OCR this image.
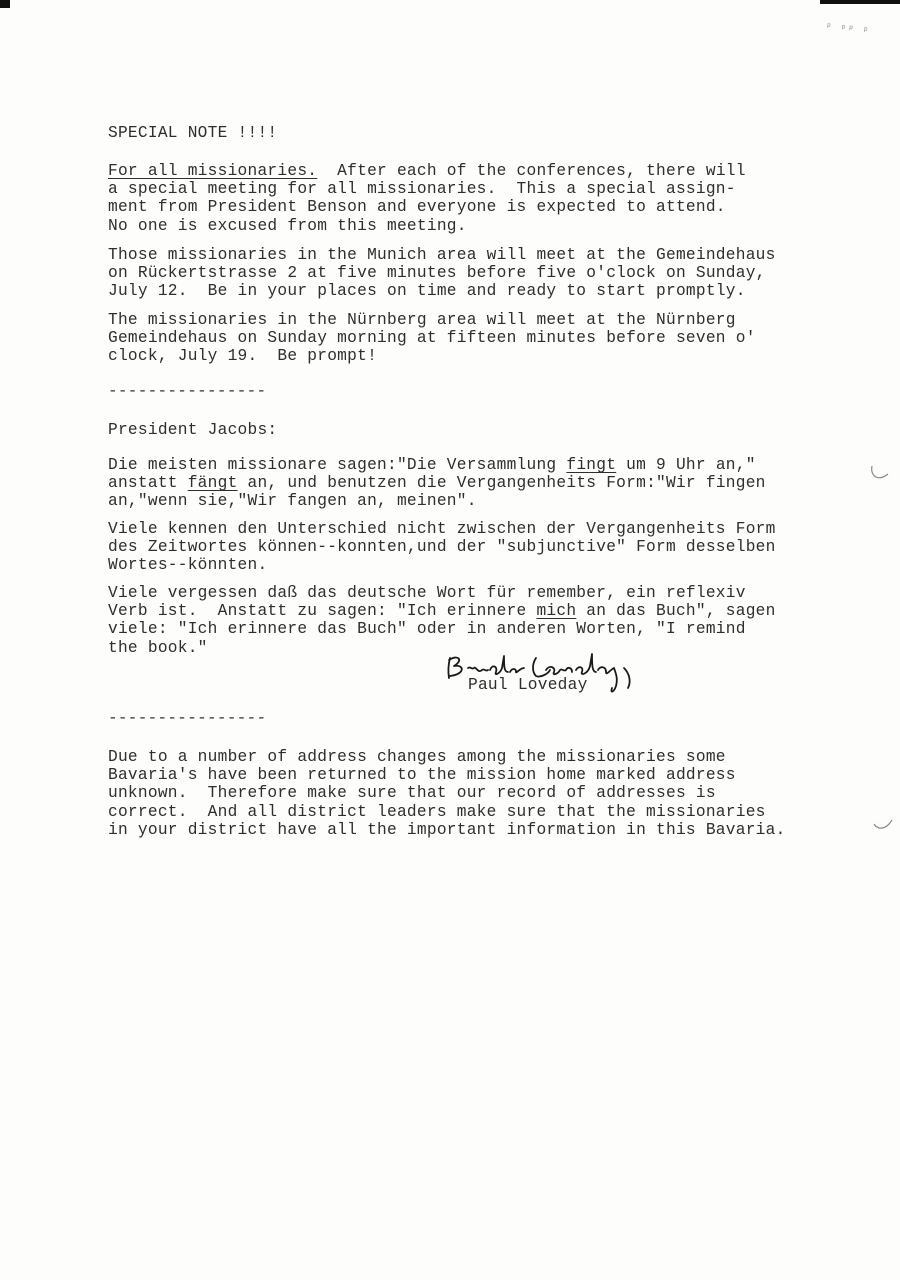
ᵖ ᵖᵖ ᵖ
SPECIAL NOTE !!!!
For all missionaries.  After each of the conferences, there will
a special meeting for all missionaries.  This a special assign-
ment from President Benson and everyone is expected to attend.
No one is excused from this meeting.
Those missionaries in the Munich area will meet at the Gemeindehaus
on Rückertstrasse 2 at five minutes before five o'clock on Sunday,
July 12.  Be in your places on time and ready to start promptly.
The missionaries in the Nürnberg area will meet at the Nürnberg
Gemeindehaus on Sunday morning at fifteen minutes before seven o'
clock, July 19.  Be prompt!
----------------
President Jacobs:
Die meisten missionare sagen:"Die Versammlung fingt um 9 Uhr an,"
anstatt fängt an, und benutzen die Vergangenheits Form:"Wir fingen
an,"wenn sie,"Wir fangen an, meinen".
Viele kennen den Unterschied nicht zwischen der Vergangenheits Form
des Zeitwortes können--konnten,und der "subjunctive" Form desselben
Wortes--könnten.
Viele vergessen daß das deutsche Wort für remember, ein reflexiv
Verb ist.  Anstatt zu sagen: "Ich erinnere mich an das Buch", sagen
viele: "Ich erinnere das Buch" oder in anderen Worten, "I remind
the book."
Paul Loveday
----------------
Due to a number of address changes among the missionaries some
Bavaria's have been returned to the mission home marked address
unknown.  Therefore make sure that our record of addresses is
correct.  And all district leaders make sure that the missionaries
in your district have all the important information in this Bavaria.
